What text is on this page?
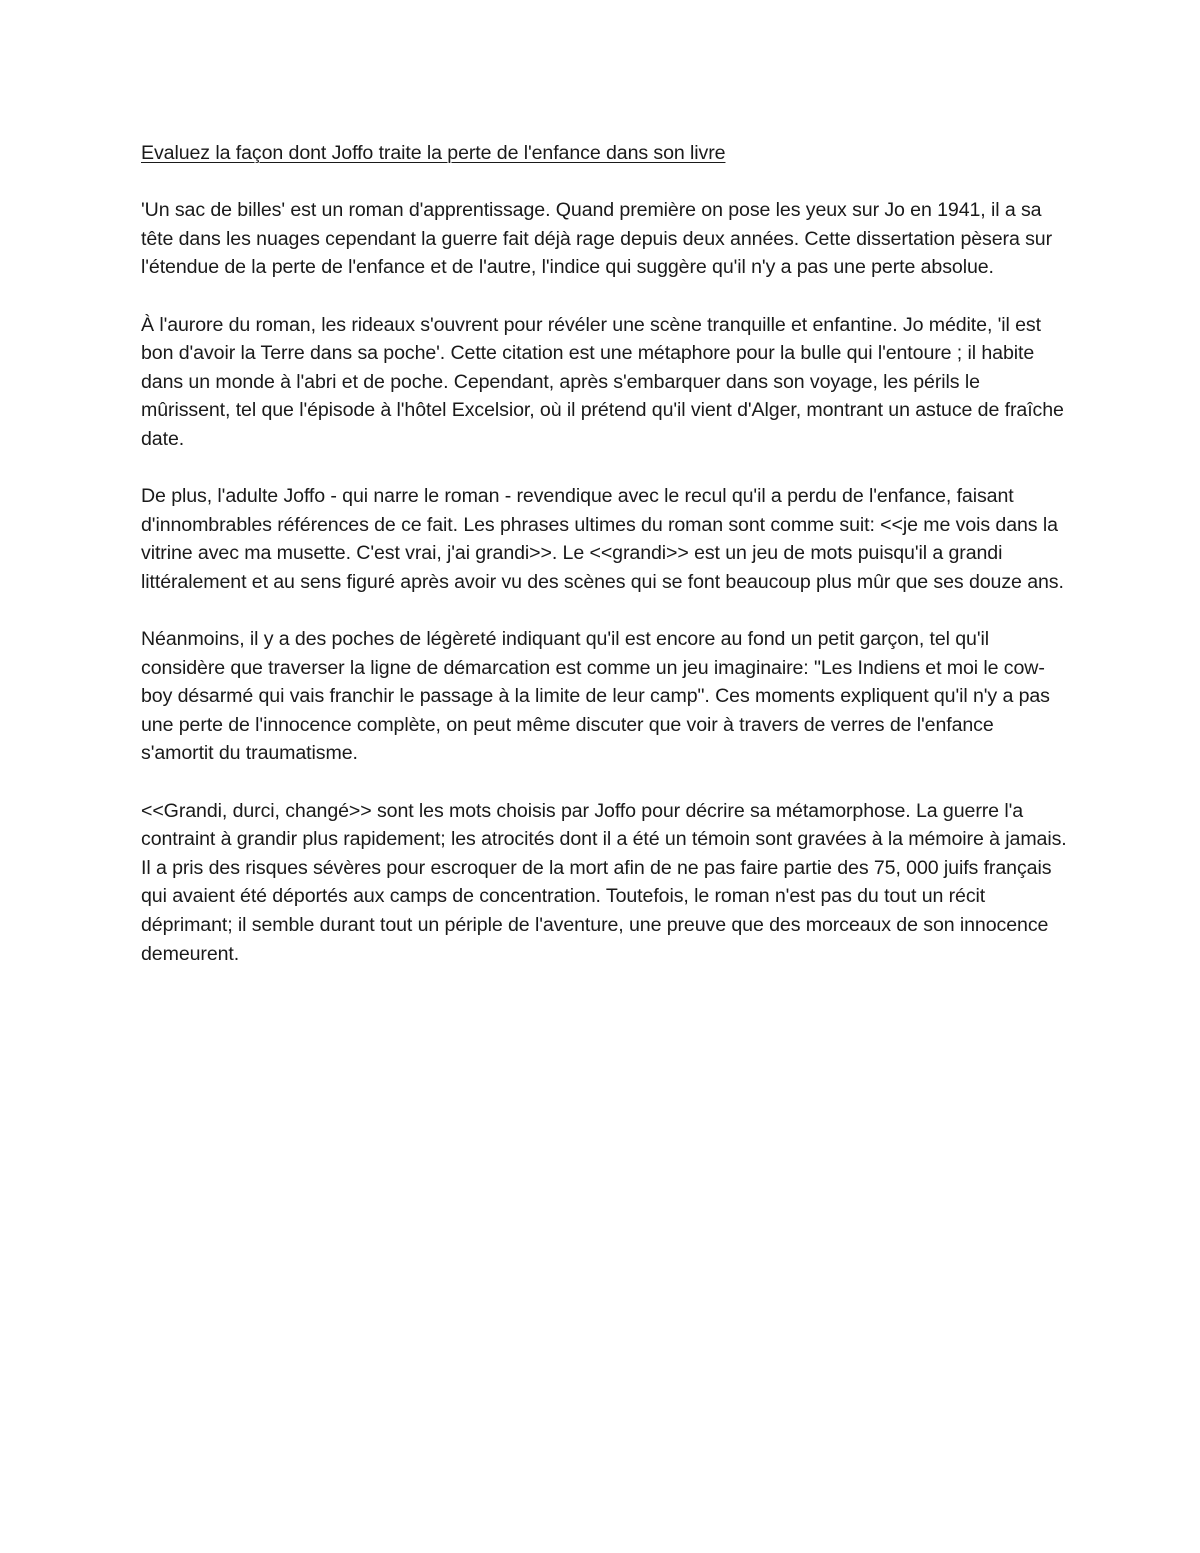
Evaluez la façon dont Joffo traite la perte de l'enfance dans son livre

'Un sac de billes' est un roman d'apprentissage. Quand première on pose les yeux sur Jo en 1941, il a sa tête dans les nuages cependant la guerre fait déjà rage depuis deux années. Cette dissertation pèsera sur l'étendue de la perte de l'enfance et de l'autre, l'indice qui suggère qu'il n'y a pas une perte absolue.

À l'aurore du roman, les rideaux s'ouvrent pour révéler une scène tranquille et enfantine. Jo médite, 'il est bon d'avoir la Terre dans sa poche'. Cette citation est une métaphore pour la bulle qui l'entoure ; il habite dans un monde à l'abri et de poche. Cependant, après s'embarquer dans son voyage, les périls le mûrissent, tel que l'épisode à l'hôtel Excelsior, où il prétend qu'il vient d'Alger, montrant un astuce de fraîche date.

De plus, l'adulte Joffo - qui narre le roman - revendique avec le recul qu'il a perdu de l'enfance, faisant d'innombrables références de ce fait. Les phrases ultimes du roman sont comme suit: <<je me vois dans la vitrine avec ma musette. C'est vrai, j'ai grandi>>. Le <<grandi>> est un jeu de mots puisqu'il a grandi littéralement et au sens figuré après avoir vu des scènes qui se font beaucoup plus mûr que ses douze ans.

Néanmoins, il y a des poches de légèreté indiquant qu'il est encore au fond un petit garçon, tel qu'il considère que traverser la ligne de démarcation est comme un jeu imaginaire: "Les Indiens et moi le cow-boy désarmé qui vais franchir le passage à la limite de leur camp". Ces moments expliquent qu'il n'y a pas une perte de l'innocence complète, on peut même discuter que voir à travers de verres de l'enfance s'amortit du traumatisme.

<<Grandi, durci, changé>> sont les mots choisis par Joffo pour décrire sa métamorphose. La guerre l'a contraint à grandir plus rapidement; les atrocités dont il a été un témoin sont gravées à la mémoire à jamais. Il a pris des risques sévères pour escroquer de la mort afin de ne pas faire partie des 75, 000 juifs français qui avaient été déportés aux camps de concentration. Toutefois, le roman n'est pas du tout un récit déprimant; il semble durant tout un périple de l'aventure, une preuve que des morceaux de son innocence demeurent.
